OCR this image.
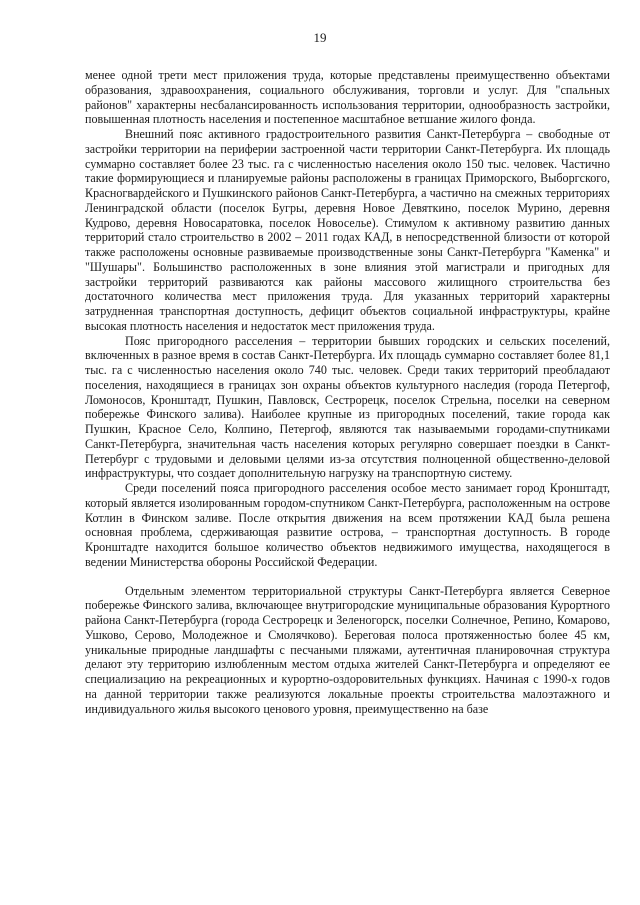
19

менее одной трети мест приложения труда, которые представлены преимущественно объектами образования, здравоохранения, социального обслуживания, торговли и услуг. Для "спальных районов" характерны несбалансированность использования территории, однообразность застройки, повышенная плотность населения и постепенное масштабное ветшание жилого фонда.

Внешний пояс активного градостроительного развития Санкт-Петербурга – свободные от застройки территории на периферии застроенной части территории Санкт-Петербурга. Их площадь суммарно составляет более 23 тыс. га с численностью населения около 150 тыс. человек. Частично такие формирующиеся и планируемые районы расположены в границах Приморского, Выборгского, Красногвардейского и Пушкинского районов Санкт-Петербурга, а частично на смежных территориях Ленинградской области (поселок Бугры, деревня Новое Девяткино, поселок Мурино, деревня Кудрово, деревня Новосаратовка, поселок Новоселье). Стимулом к активному развитию данных территорий стало строительство в 2002 – 2011 годах КАД, в непосредственной близости от которой также расположены основные развиваемые производственные зоны Санкт-Петербурга "Каменка" и "Шушары". Большинство расположенных в зоне влияния этой магистрали и пригодных для застройки территорий развиваются как районы массового жилищного строительства без достаточного количества мест приложения труда. Для указанных территорий характерны затрудненная транспортная доступность, дефицит объектов социальной инфраструктуры, крайне высокая плотность населения и недостаток мест приложения труда.

Пояс пригородного расселения – территории бывших городских и сельских поселений, включенных в разное время в состав Санкт-Петербурга. Их площадь суммарно составляет более 81,1 тыс. га с численностью населения около 740 тыс. человек. Среди таких территорий преобладают поселения, находящиеся в границах зон охраны объектов культурного наследия (города Петергоф, Ломоносов, Кронштадт, Пушкин, Павловск, Сестрорецк, поселок Стрельна, поселки на северном побережье Финского залива). Наиболее крупные из пригородных поселений, такие города как Пушкин, Красное Село, Колпино, Петергоф, являются так называемыми городами-спутниками Санкт-Петербурга, значительная часть населения которых регулярно совершает поездки в Санкт-Петербург с трудовыми и деловыми целями из-за отсутствия полноценной общественно-деловой инфраструктуры, что создает дополнительную нагрузку на транспортную систему.

Среди поселений пояса пригородного расселения особое место занимает город Кронштадт, который является изолированным городом-спутником Санкт-Петербурга, расположенным на острове Котлин в Финском заливе. После открытия движения на всем протяжении КАД была решена основная проблема, сдерживающая развитие острова, – транспортная доступность. В городе Кронштадте находится большое количество объектов недвижимого имущества, находящегося в ведении Министерства обороны Российской Федерации.

Отдельным элементом территориальной структуры Санкт-Петербурга является Северное побережье Финского залива, включающее внутригородские муниципальные образования Курортного района Санкт-Петербурга (города Сестрорецк и Зеленогорск, поселки Солнечное, Репино, Комарово, Ушково, Серово, Молодежное и Смолячково). Береговая полоса протяженностью более 45 км, уникальные природные ландшафты с песчаными пляжами, аутентичная планировочная структура делают эту территорию излюбленным местом отдыха жителей Санкт-Петербурга и определяют ее специализацию на рекреационных и курортно-оздоровительных функциях. Начиная с 1990-х годов на данной территории также реализуются локальные проекты строительства малоэтажного и индивидуального жилья высокого ценового уровня, преимущественно на базе
